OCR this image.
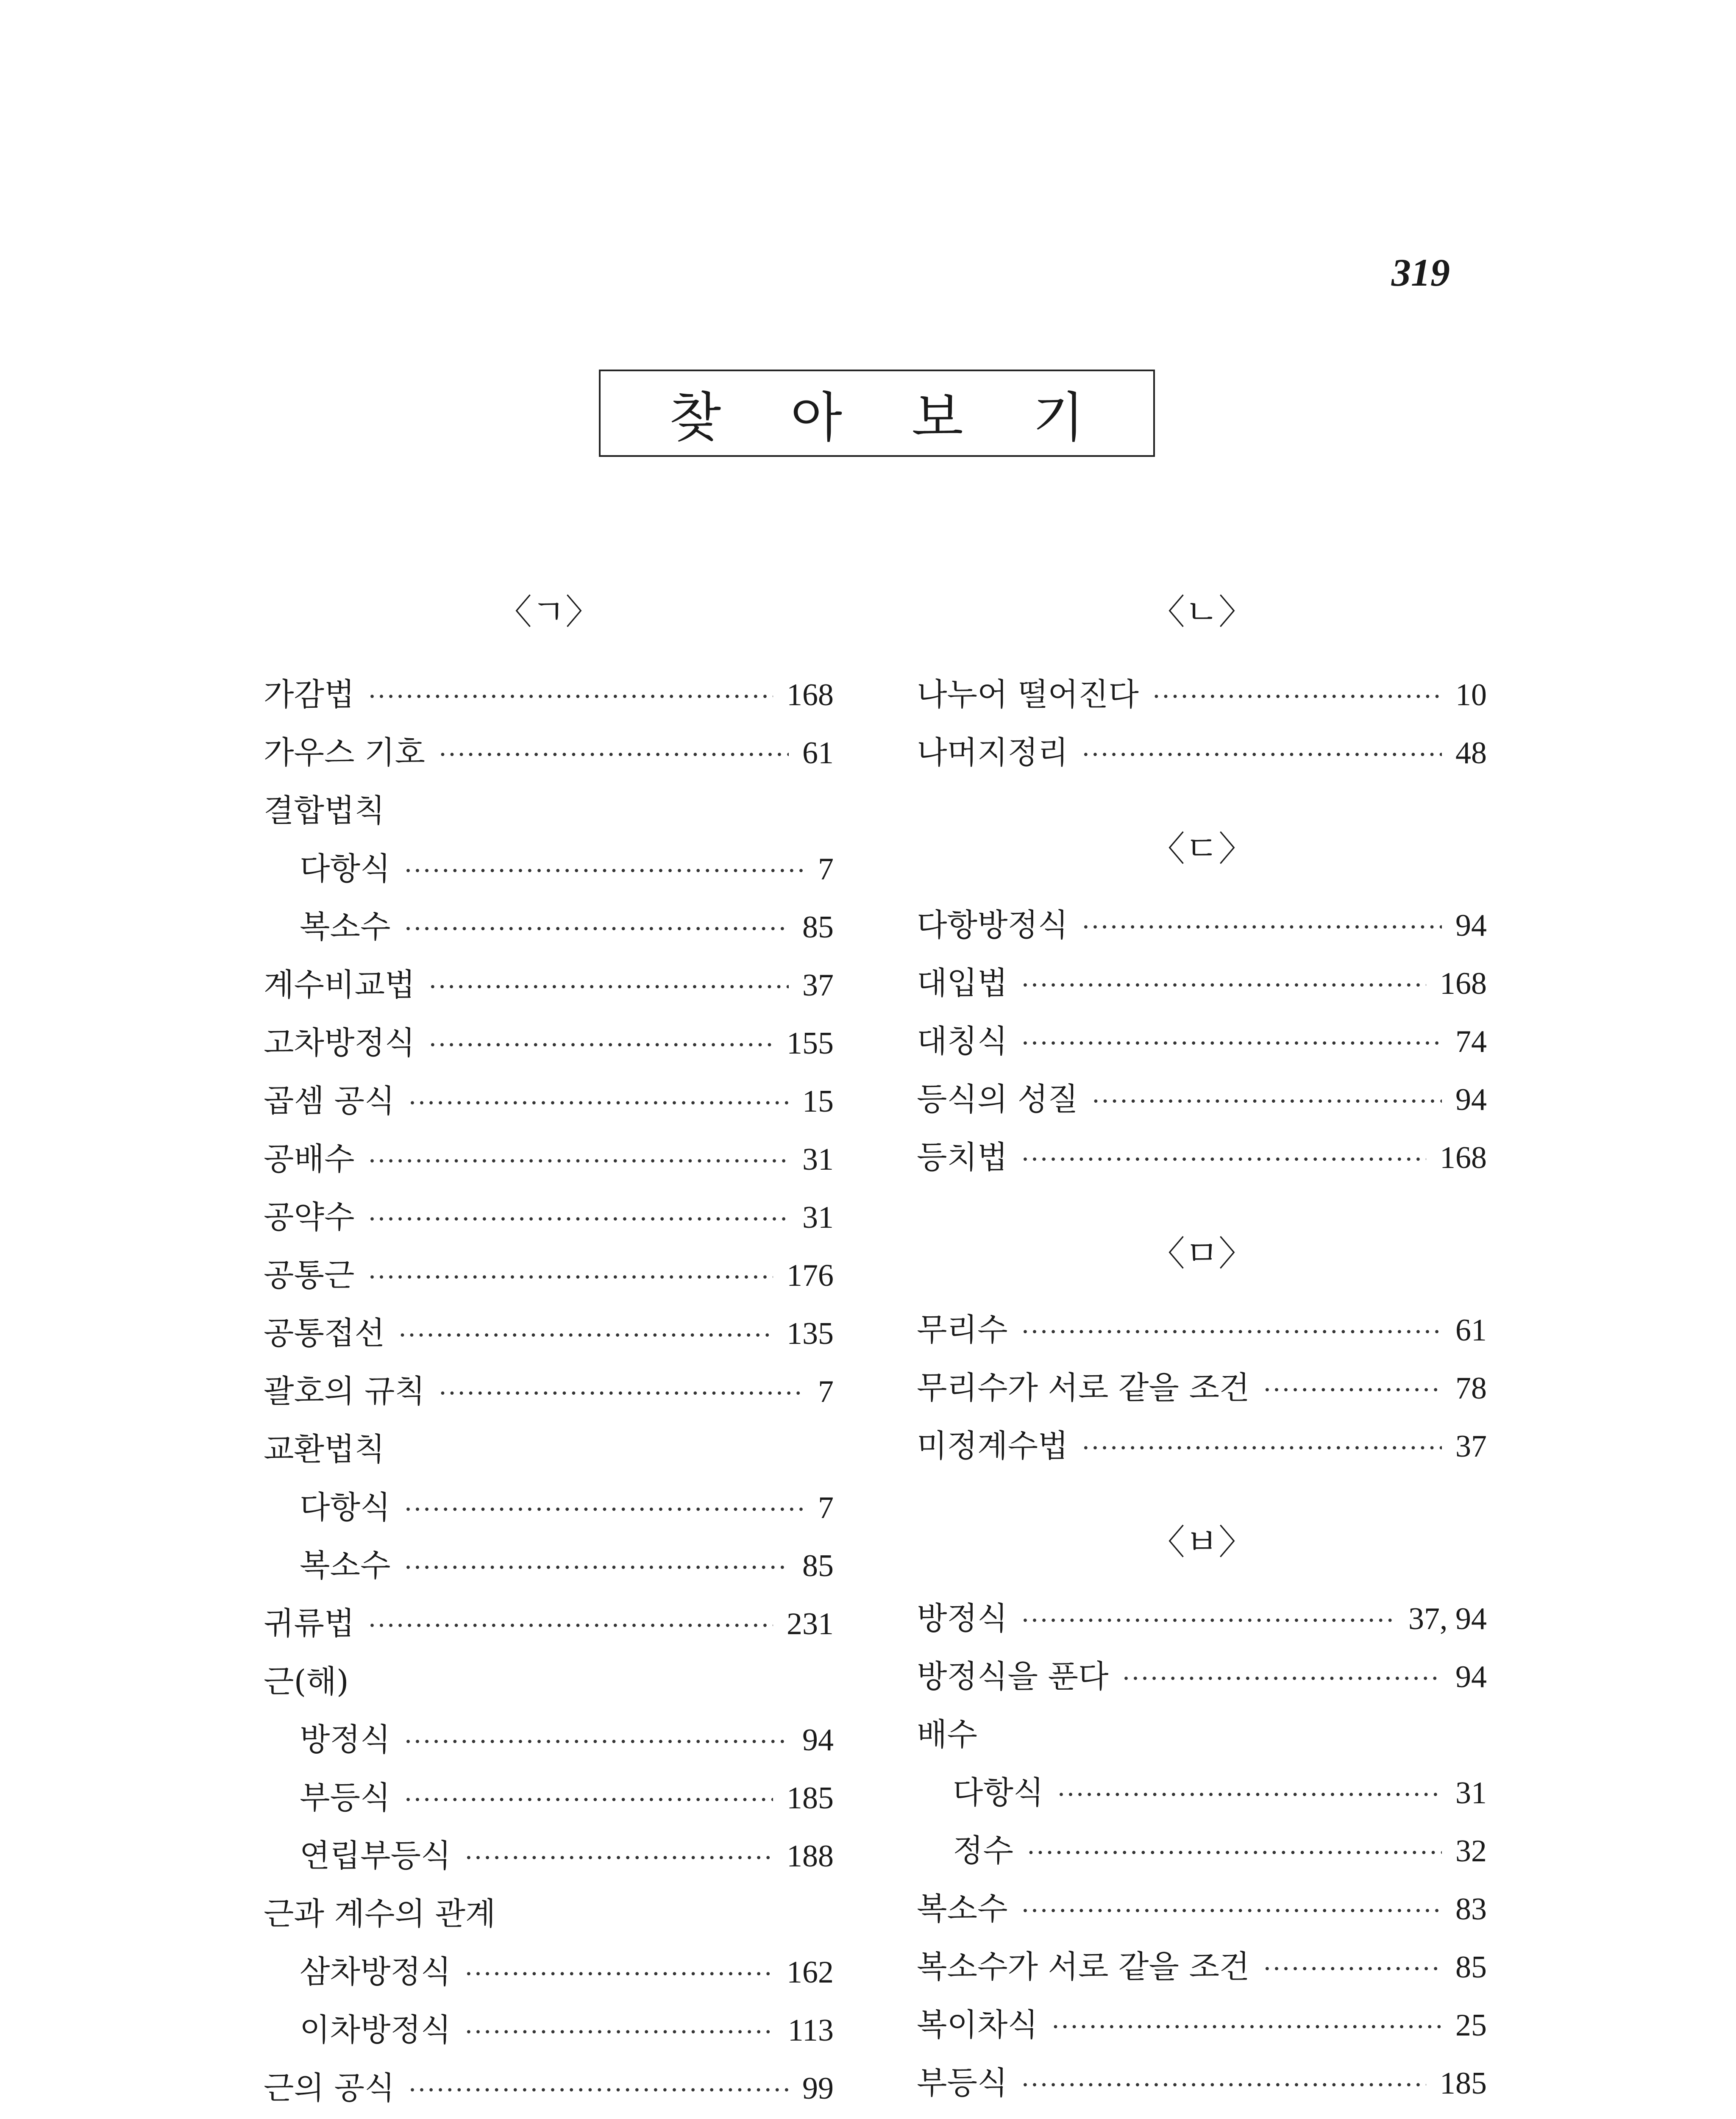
319
찾 아 보 기
〈ㄱ〉
가감법 ·····	168
가우스 기호 ·····	61
결합법칙
다항식 ·····	7
복소수 ·····	85
계수비교법 ·····	37
고차방정식 ·····	155
곱셈 공식 ·····	15
공배수 ·····	31
공약수 ·····	31
공통근 ·····	176
공통접선 ·····	135
괄호의 규칙 ·····	7
교환법칙
다항식 ·····	7
복소수 ·····	85
귀류법 ·····	231
근(해)
방정식 ·····	94
부등식 ·····	185
연립부등식 ·····	188
근과 계수의 관계
삼차방정식 ·····	162
이차방정식 ·····	113
근의 공식 ·····	99
〈ㄴ〉
나누어 떨어진다 ·····	10
나머지정리 ·····	48
〈ㄷ〉
다항방정식 ·····	94
대입법 ·····	168
대칭식 ·····	74
등식의 성질 ·····	94
등치법 ·····	168
〈ㅁ〉
무리수 ·····	61
무리수가 서로 같을 조건 ·····	78
미정계수법 ·····	37
〈ㅂ〉
방정식 ·····	37, 94
방정식을 푼다 ·····	94
배수
다항식 ·····	31
정수 ·····	32
복소수 ·····	83
복소수가 서로 같을 조건 ·····	85
복이차식 ·····	25
부등식 ·····	185
